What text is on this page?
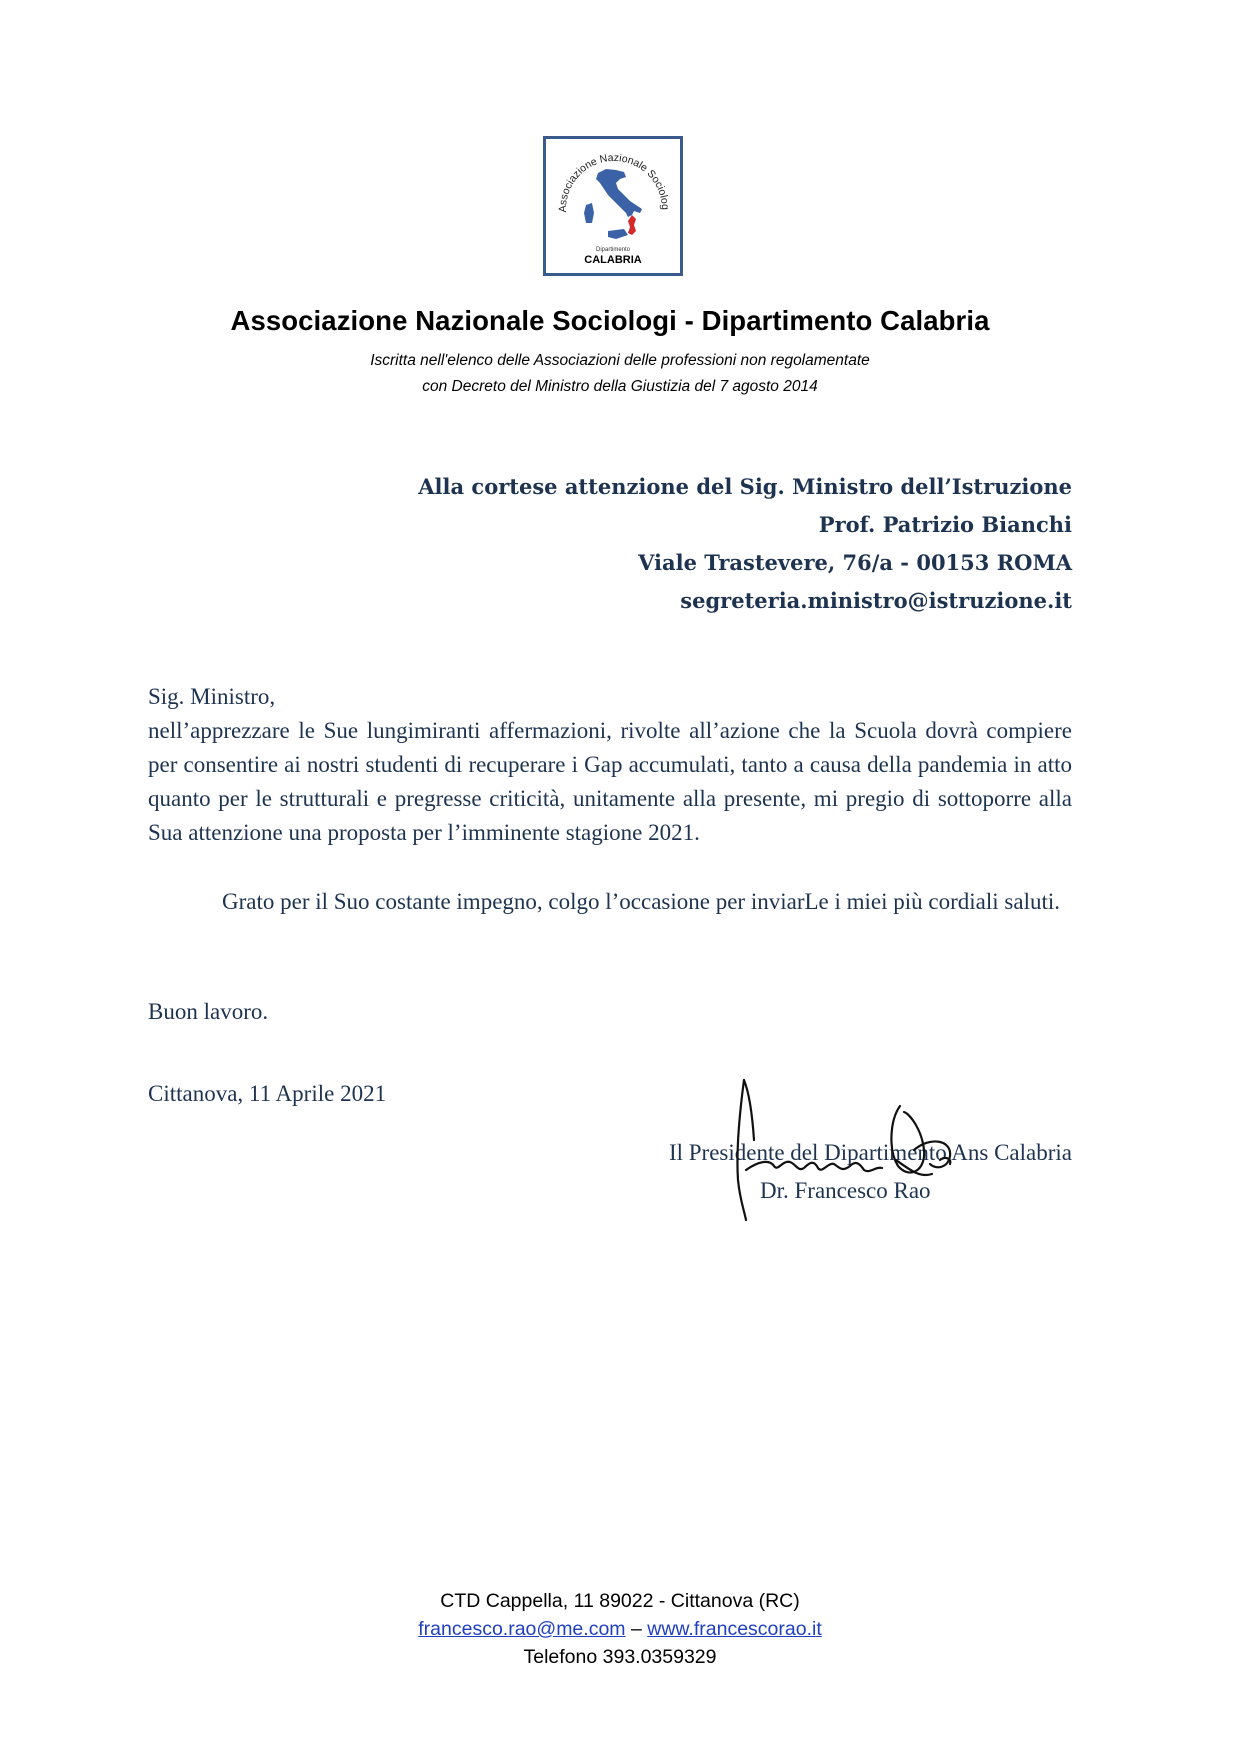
Associazione Nazionale Sociolog
Dipartimento
CALABRIA
Associazione Nazionale Sociologi - Dipartimento Calabria
Iscritta nell'elenco delle Associazioni delle professioni non regolamentate
con Decreto del Ministro della Giustizia del 7 agosto 2014
Alla cortese attenzione del Sig. Ministro dell’Istruzione
Prof. Patrizio Bianchi
Viale Trastevere, 76/a - 00153 ROMA
segreteria.ministro@istruzione.it
Sig. Ministro,
nell’apprezzare le Sue lungimiranti affermazioni, rivolte all’azione che la Scuola dovrà compiere per consentire ai nostri studenti di recuperare i Gap accumulati, tanto a causa della pandemia in atto quanto per le strutturali e pregresse criticità, unitamente alla presente, mi pregio di sottoporre alla Sua attenzione una proposta per l’imminente stagione 2021.
Grato per il Suo costante impegno, colgo l’occasione per inviarLe i miei più cordiali saluti.
Buon lavoro.
Cittanova, 11 Aprile 2021
Il Presidente del Dipartimento Ans Calabria
Dr. Francesco Rao
CTD Cappella, 11 89022 - Cittanova (RC)
francesco.rao@me.com – www.francescorao.it
Telefono 393.0359329
